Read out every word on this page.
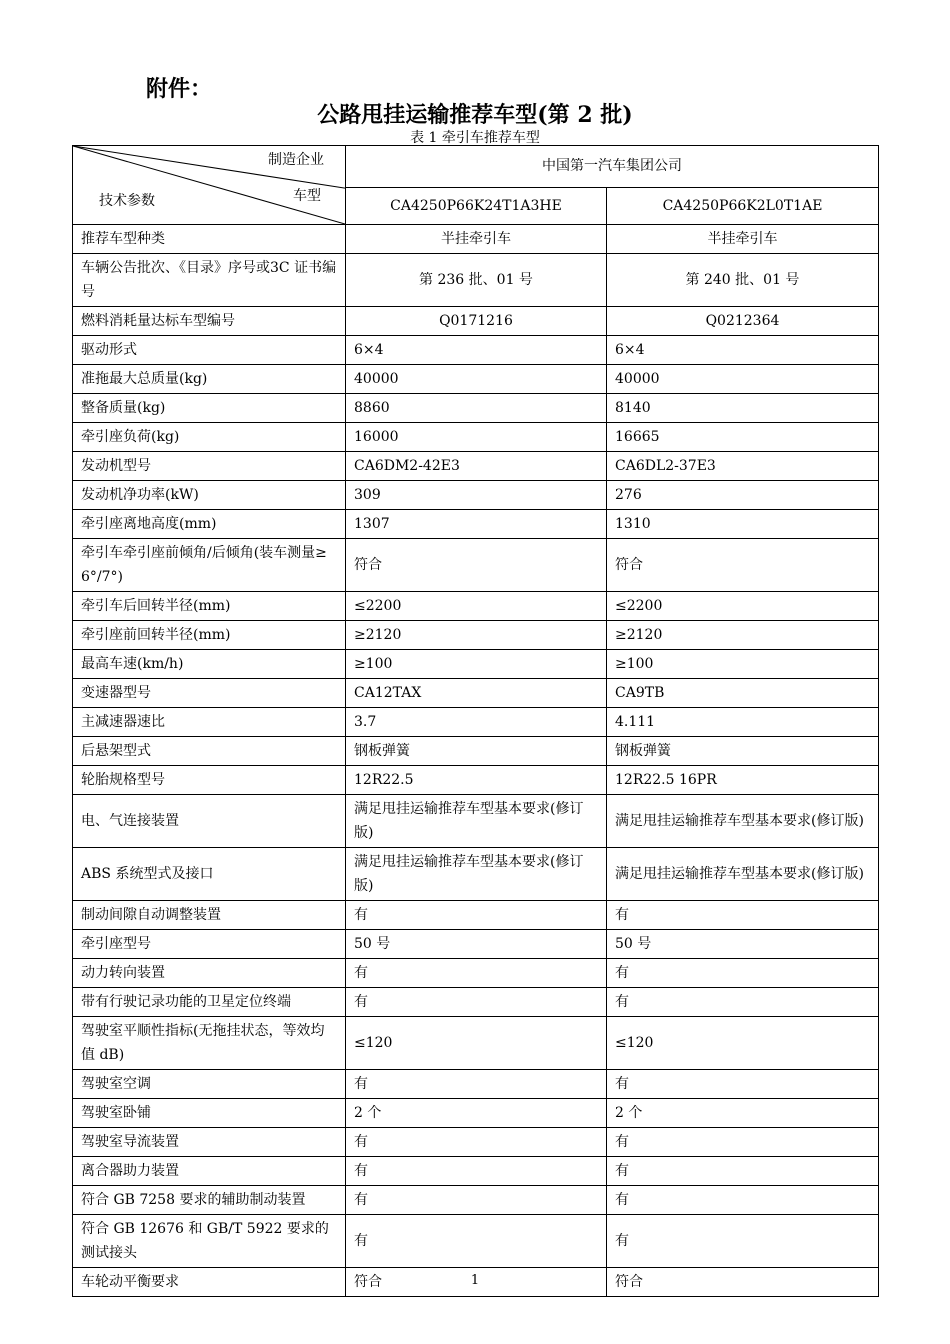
附件：
公路甩挂运输推荐车型(第 2 批)
表 1 牵引车推荐车型
制造企业
车型
技术参数	中国第一汽车集团公司	
	CA4250P66K24T1A3HE	CA4250P66K2L0T1AE
推荐车型种类	半挂牵引车	半挂牵引车
车辆公告批次、《目录》序号或3C 证书编号	第 236 批、01 号	第 240 批、01 号
燃料消耗量达标车型编号	Q0171216	Q0212364
驱动形式	6×4	6×4
准拖最大总质量(kg)	40000	40000
整备质量(kg)	8860	8140
牵引座负荷(kg)	16000	16665
发动机型号	CA6DM2-42E3	CA6DL2-37E3
发动机净功率(kW)	309	276
牵引座离地高度(mm)	1307	1310
牵引车牵引座前倾角/后倾角(装车测量≥6°/7°)	符合	符合
牵引车后回转半径(mm)	≤2200	≤2200
牵引座前回转半径(mm)	≥2120	≥2120
最高车速(km/h)	≥100	≥100
变速器型号	CA12TAX	CA9TB
主减速器速比	3.7	4.111
后悬架型式	钢板弹簧	钢板弹簧
轮胎规格型号	12R22.5	12R22.5 16PR
电、气连接装置	满足甩挂运输推荐车型基本要求(修订版)	满足甩挂运输推荐车型基本要求(修订版)
ABS 系统型式及接口	满足甩挂运输推荐车型基本要求(修订版)	满足甩挂运输推荐车型基本要求(修订版)
制动间隙自动调整装置	有	有
牵引座型号	50 号	50 号
动力转向装置	有	有
带有行驶记录功能的卫星定位终端	有	有
驾驶室平顺性指标(无拖挂状态，等效均值 dB)	≤120	≤120
驾驶室空调	有	有
驾驶室卧铺	2 个	2 个
驾驶室导流装置	有	有
离合器助力装置	有	有
符合 GB 7258 要求的辅助制动装置	有	有
符合 GB 12676 和 GB/T 5922 要求的测试接头	有	有
车轮动平衡要求	符合	符合
1
